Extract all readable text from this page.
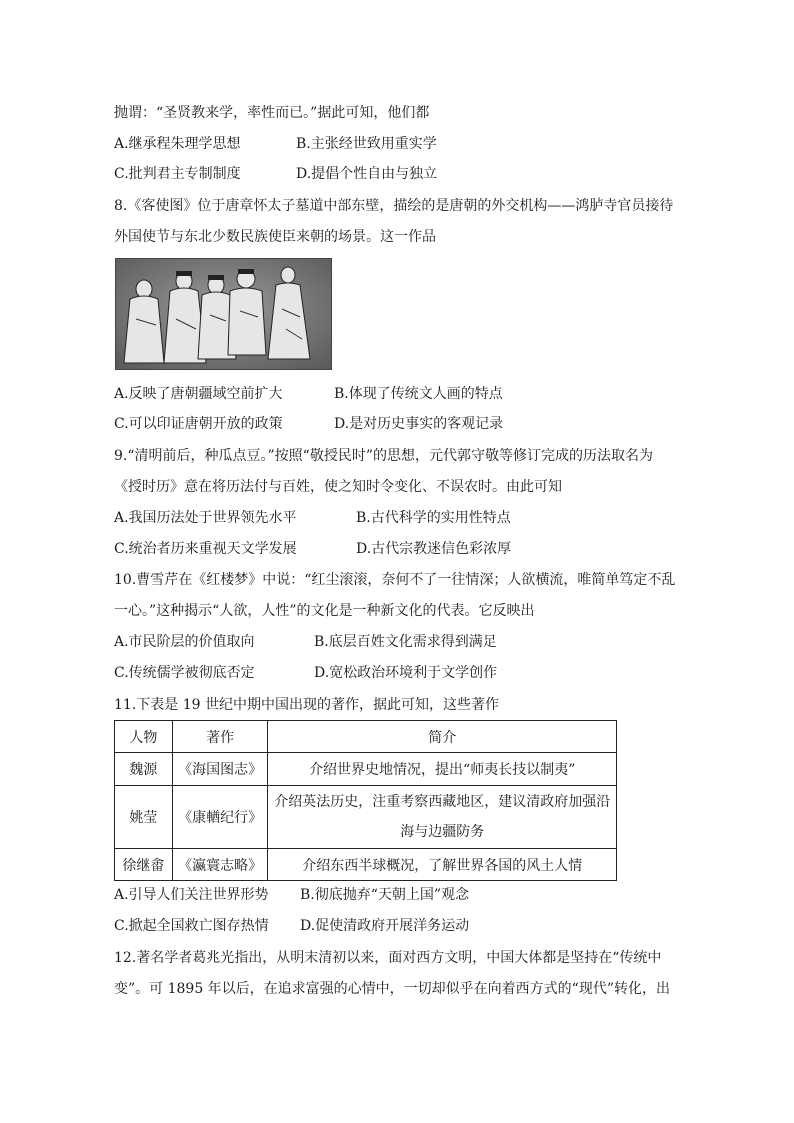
抛谓：“圣贤教来学，率性而已。”据此可知，他们都
A.继承程朱理学思想	B.主张经世致用重实学
C.批判君主专制制度	D.提倡个性自由与独立
8.《客使图》位于唐章怀太子墓道中部东壁，描绘的是唐朝的外交机构——鸿胪寺官员接待
外国使节与东北少数民族使臣来朝的场景。这一作品
A.反映了唐朝疆域空前扩大	B.体现了传统文人画的特点
C.可以印证唐朝开放的政策	D.是对历史事实的客观记录
9.“清明前后，种瓜点豆。”按照“敬授民时”的思想，元代郭守敬等修订完成的历法取名为
《授时历》意在将历法付与百姓，使之知时令变化、不误农时。由此可知
A.我国历法处于世界领先水平	B.古代科学的实用性特点
C.统治者历来重视天文学发展	D.古代宗教迷信色彩浓厚
10.曹雪芹在《红楼梦》中说：“红尘滚滚，奈何不了一往情深；人欲横流，唯简单笃定不乱
一心。”这种揭示“人欲，人性”的文化是一种新文化的代表。它反映出
A.市民阶层的价值取向	B.底层百姓文化需求得到满足
C.传统儒学被彻底否定	D.宽松政治环境利于文学创作
11.下表是 19 世纪中期中国出现的著作，据此可知，这些著作
人物	著作	简介
魏源	《海国图志》	介绍世界史地情况，提出“师夷长技以制夷”
姚莹	《康輶纪行》	介绍英法历史，注重考察西藏地区，建议清政府加强沿
海与边疆防务
徐继畬	《瀛寰志略》	介绍东西半球概况，了解世界各国的风土人情
A.引导人们关注世界形势 B.彻底抛弃“天朝上国”观念
C.掀起全国救亡图存热情 D.促使清政府开展洋务运动
12.著名学者葛兆光指出，从明末清初以来，面对西方文明，中国大体都是坚持在“传统中
变”。可 1895 年以后，在追求富强的心情中，一切却似乎在向着西方式的“现代”转化，出
